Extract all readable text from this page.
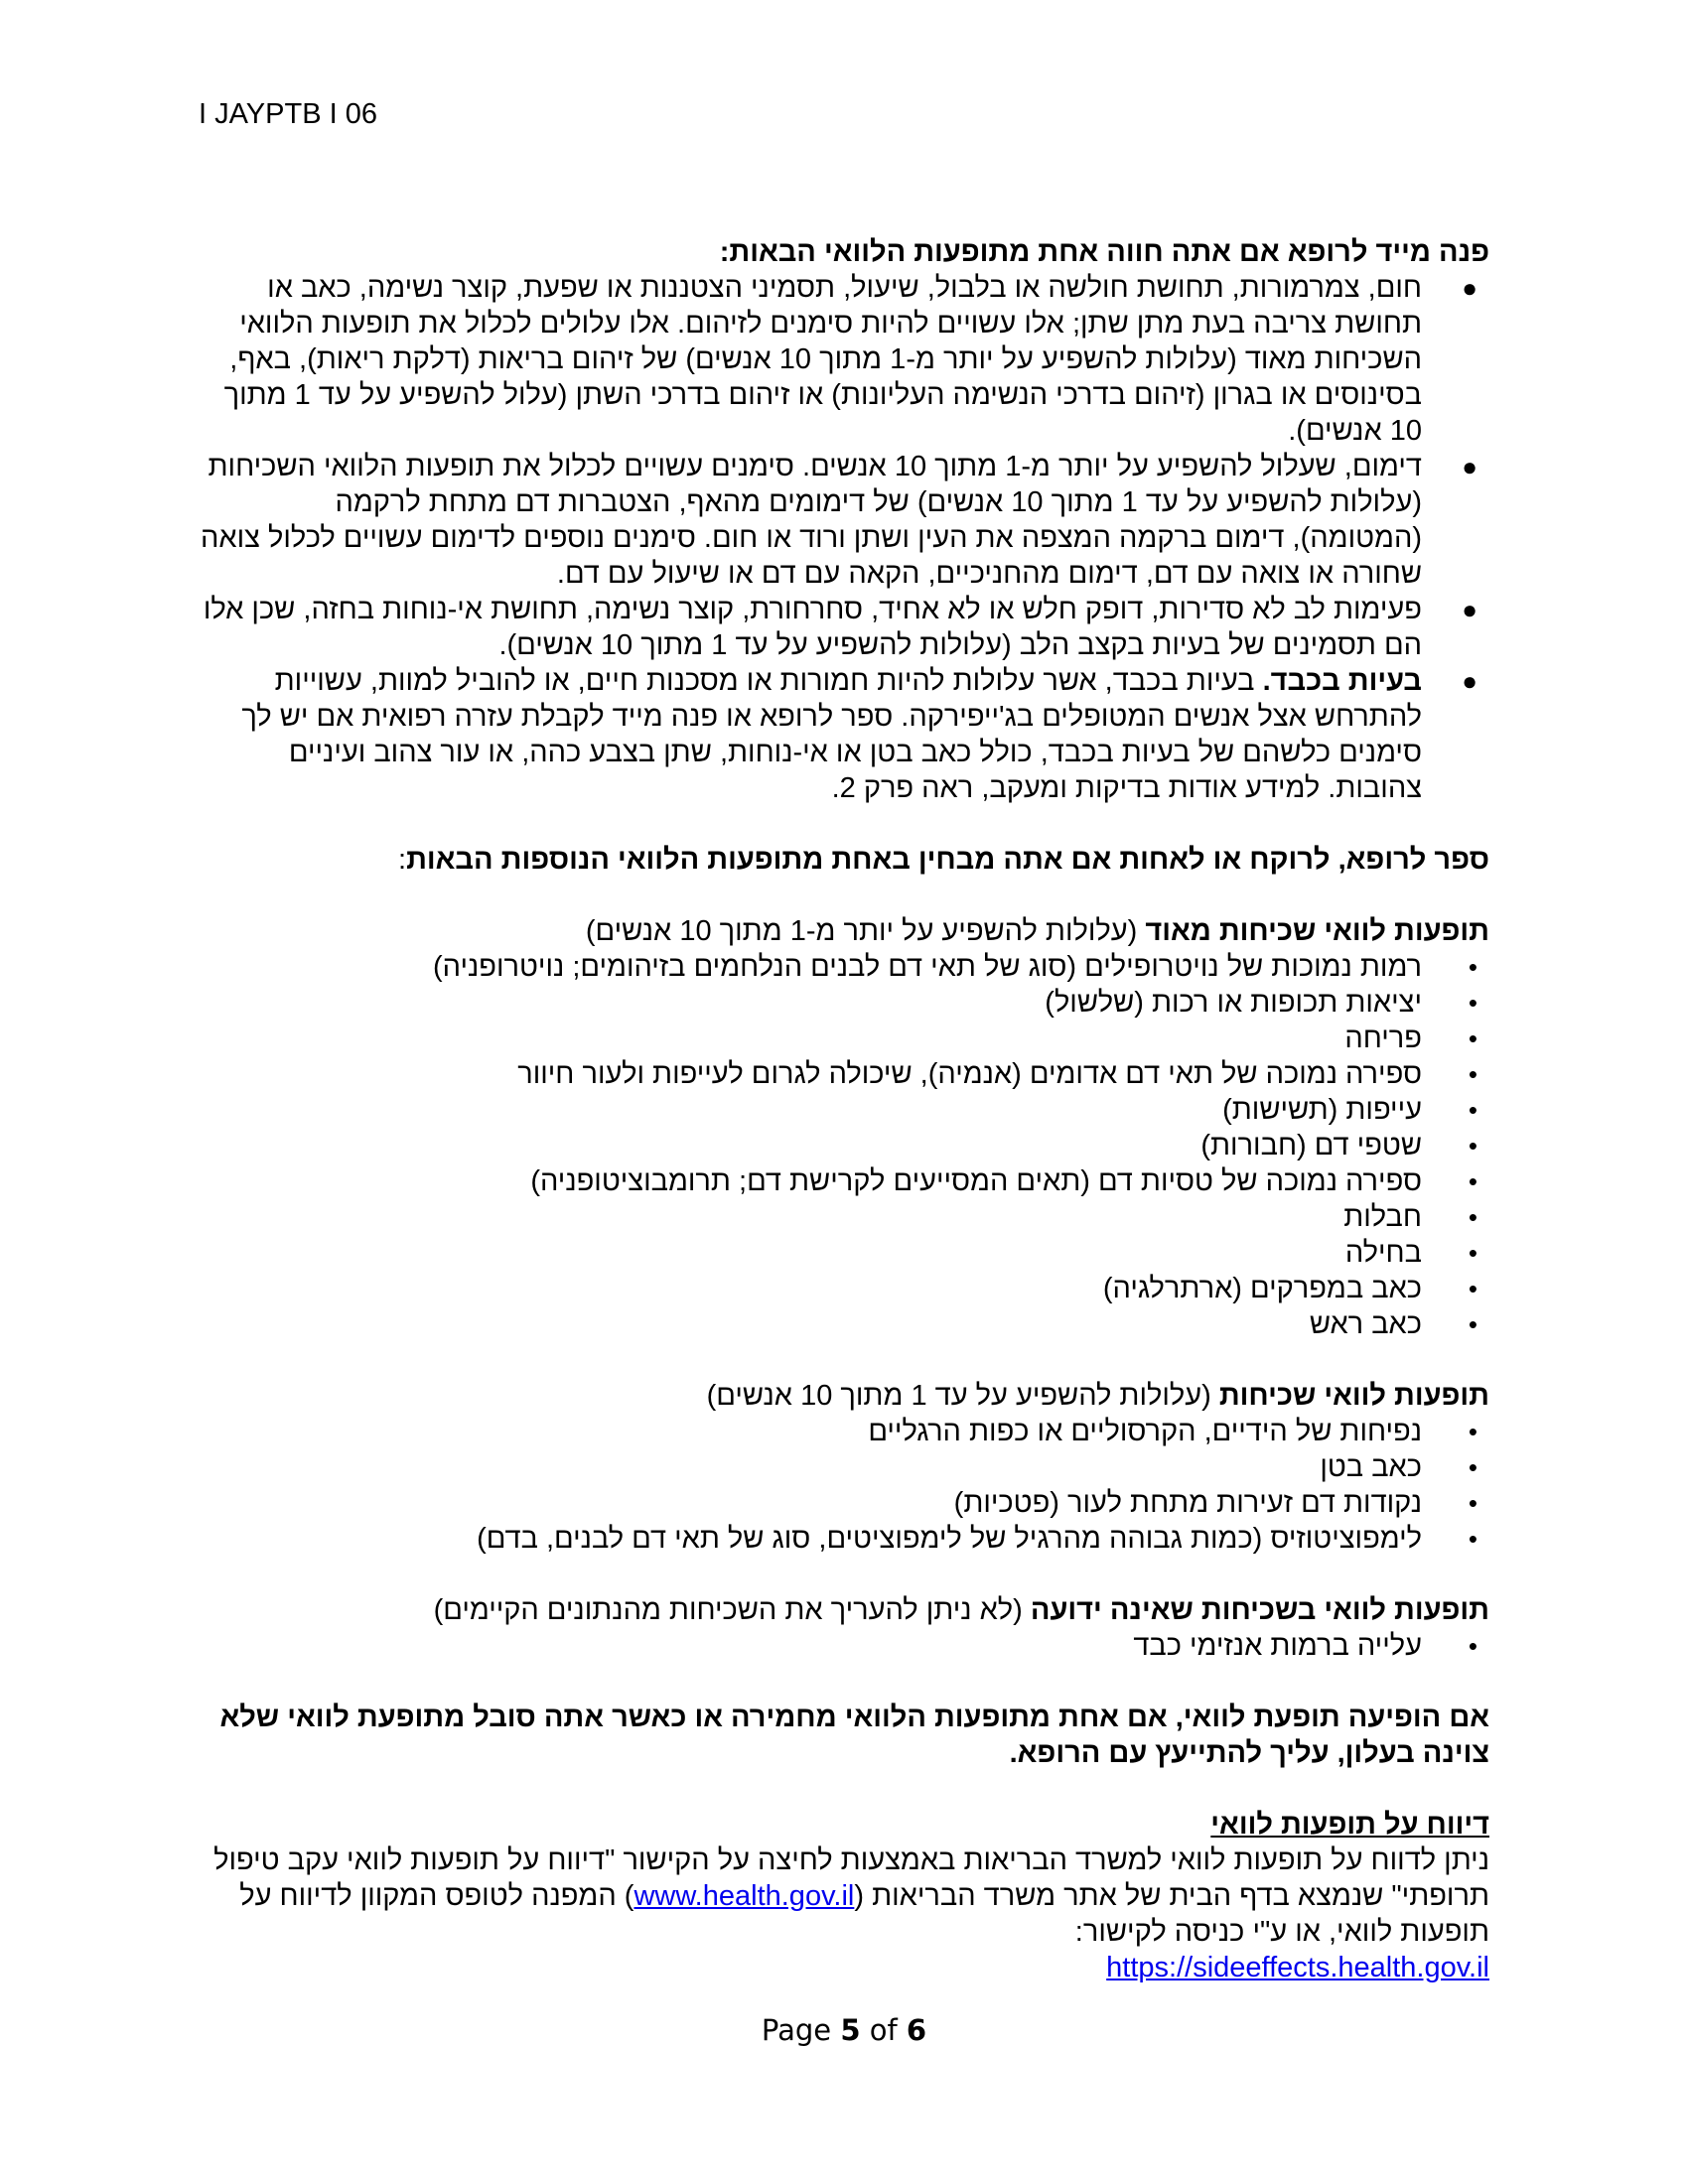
I JAYPTB I 06

פנה מייד לרופא אם אתה חווה אחת מתופעות הלוואי הבאות:

●
חום, צמרמורות, תחושת חולשה או בלבול, שיעול, תסמיני הצטננות או שפעת, קוצר נשימה, כאב או תחושת צריבה בעת מתן שתן; אלו עשויים להיות סימנים לזיהום. אלו עלולים לכלול את תופעות הלוואי השכיחות מאוד (עלולות להשפיע על יותר מ-1 מתוך 10 אנשים) של זיהום בריאות (דלקת ריאות), באף, בסינוסים או בגרון (זיהום בדרכי הנשימה העליונות) או זיהום בדרכי השתן (עלול להשפיע על עד 1 מתוך 10 אנשים).
●
דימום, שעלול להשפיע על יותר מ-1 מתוך 10 אנשים. סימנים עשויים לכלול את תופעות הלוואי השכיחות (עלולות להשפיע על עד 1 מתוך 10 אנשים) של דימומים מהאף, הצטברות דם מתחת לרקמה (המטומה), דימום ברקמה המצפה את העין ושתן ורוד או חום. סימנים נוספים לדימום עשויים לכלול צואה שחורה או צואה עם דם, דימום מהחניכיים, הקאה עם דם או שיעול עם דם.
●
פעימות לב לא סדירות, דופק חלש או לא אחיד, סחרחורת, קוצר נשימה, תחושת אי-נוחות בחזה, שכן אלו הם תסמינים של בעיות בקצב הלב (עלולות להשפיע על עד 1 מתוך 10 אנשים).
●
בעיות בכבד. בעיות בכבד, אשר עלולות להיות חמורות או מסכנות חיים, או להוביל למוות, עשוייות להתרחש אצל אנשים המטופלים בג'ייפירקה. ספר לרופא או פנה מייד לקבלת עזרה רפואית אם יש לך סימנים כלשהם של בעיות בכבד, כולל כאב בטן או אי-נוחות, שתן בצבע כהה, או עור צהוב ועיניים צהובות. למידע אודות בדיקות ומעקב, ראה פרק 2.

ספר לרופא, לרוקח או לאחות אם אתה מבחין באחת מתופעות הלוואי הנוספות הבאות:

תופעות לוואי שכיחות מאוד (עלולות להשפיע על יותר מ-1 מתוך 10 אנשים)

•
רמות נמוכות של נויטרופילים (סוג של תאי דם לבנים הנלחמים בזיהומים; נויטרופניה)
•
יציאות תכופות או רכות (שלשול)
•
פריחה
•
ספירה נמוכה של תאי דם אדומים (אנמיה), שיכולה לגרום לעייפות ולעור חיוור
•
עייפות (תשישות)
•
שטפי דם (חבורות)
•
ספירה נמוכה של טסיות דם (תאים המסייעים לקרישת דם; תרומבוציטופניה)
•
חבלות
•
בחילה
•
כאב במפרקים (ארתרלגיה)
•
כאב ראש

תופעות לוואי שכיחות (עלולות להשפיע על עד 1 מתוך 10 אנשים)

•
נפיחות של הידיים, הקרסוליים או כפות הרגליים
•
כאב בטן
•
נקודות דם זעירות מתחת לעור (פטכיות)
•
לימפוציטוזיס (כמות גבוהה מהרגיל של לימפוציטים, סוג של תאי דם לבנים, בדם)

תופעות לוואי בשכיחות שאינה ידועה (לא ניתן להעריך את השכיחות מהנתונים הקיימים)

•
עלייה ברמות אנזימי כבד

אם הופיעה תופעת לוואי, אם אחת מתופעות הלוואי מחמירה או כאשר אתה סובל מתופעת לוואי שלא צוינה בעלון, עליך להתייעץ עם הרופא.

דיווח על תופעות לוואי

ניתן לדווח על תופעות לוואי למשרד הבריאות באמצעות לחיצה על הקישור "דיווח על תופעות לוואי עקב טיפול תרופתי" שנמצא בדף הבית של אתר משרד הבריאות (www.health.gov.il) המפנה לטופס המקוון לדיווח על תופעות לוואי, או ע"י כניסה לקישור:
https://sideeffects.health.gov.il

Page 5 of 6
